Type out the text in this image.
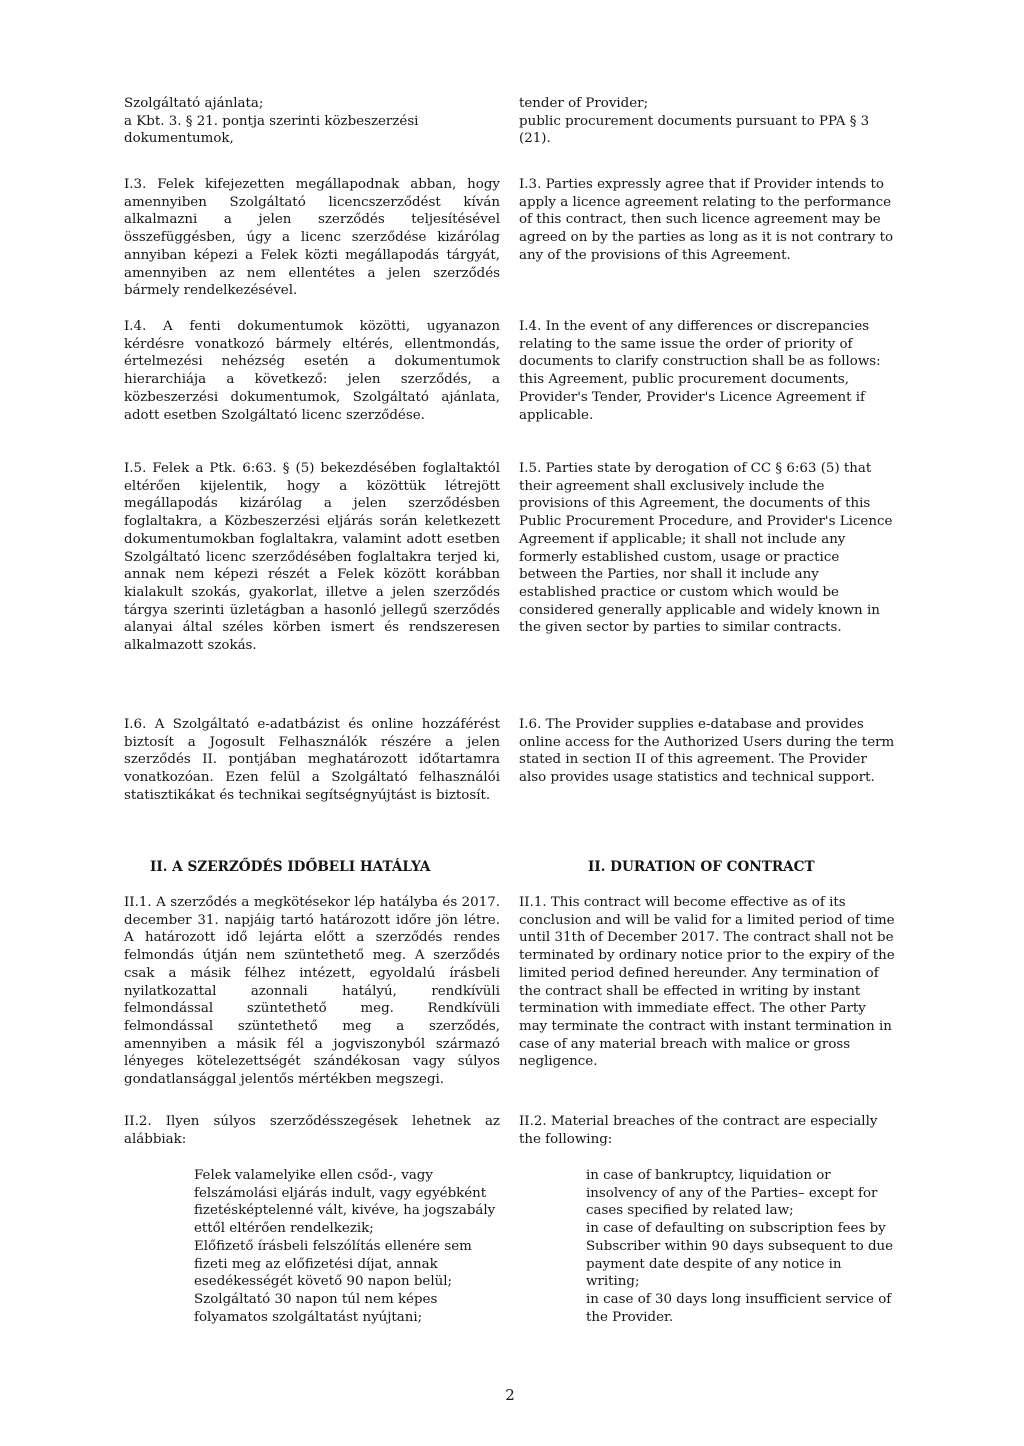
Szolgáltató ajánlata;
a Kbt. 3. § 21. pontja szerinti közbeszerzési dokumentumok,
I.3. Felek kifejezetten megállapodnak abban, hogy amennyiben Szolgáltató licencszerződést kíván alkalmazni a jelen szerződés teljesítésével összefüggésben, úgy a licenc szerződése kizárólag annyiban képezi a Felek közti megállapodás tárgyát, amennyiben az nem ellentétes a jelen szerződés bármely rendelkezésével.
I.4. A fenti dokumentumok közötti, ugyanazon kérdésre vonatkozó bármely eltérés, ellentmondás, értelmezési nehézség esetén a dokumentumok hierarchiája a következő: jelen szerződés, a közbeszerzési dokumentumok, Szolgáltató ajánlata, adott esetben Szolgáltató licenc szerződése.
I.5. Felek a Ptk. 6:63. § (5) bekezdésében foglaltaktól eltérően kijelentik, hogy a közöttük létrejött megállapodás kizárólag a jelen szerződésben foglaltakra, a Közbeszerzési eljárás során keletkezett dokumentumokban foglaltakra, valamint adott esetben Szolgáltató licenc szerződésében foglaltakra terjed ki, annak nem képezi részét a Felek között korábban kialakult szokás, gyakorlat, illetve a jelen szerződés tárgya szerinti üzletágban a hasonló jellegű szerződés alanyai által széles körben ismert és rendszeresen alkalmazott szokás.
I.6. A Szolgáltató e-adatbázist és online hozzáférést biztosít a Jogosult Felhasználók részére a jelen szerződés II. pontjában meghatározott időtartamra vonatkozóan. Ezen felül a Szolgáltató felhasználói statisztikákat és technikai segítségnyújtást is biztosít.
II. A SZERZŐDÉS IDŐBELI HATÁLYA
II.1. A szerződés a megkötésekor lép hatályba és 2017. december 31. napjáig tartó határozott időre jön létre. A határozott idő lejárta előtt a szerződés rendes felmondás útján nem szüntethető meg. A szerződés csak a másik félhez intézett, egyoldalú írásbeli nyilatkozattal azonnali hatályú, rendkívüli felmondással szüntethető meg. Rendkívüli felmondással szüntethető meg a szerződés, amennyiben a másik fél a jogviszonyból származó lényeges kötelezettségét szándékosan vagy súlyos gondatlansággal jelentős mértékben megszegi.
II.2. Ilyen súlyos szerződésszegések lehetnek az alábbiak:
Felek valamelyike ellen csőd-, vagy felszámolási eljárás indult, vagy egyébként fizetésképtelenné vált, kivéve, ha jogszabály ettől eltérően rendelkezik;
Előfizető írásbeli felszólítás ellenére sem fizeti meg az előfizetési díjat, annak esedékességét követő 90 napon belül;
Szolgáltató 30 napon túl nem képes folyamatos szolgáltatást nyújtani;
tender of Provider;
public procurement documents pursuant to PPA § 3 (21).
I.3. Parties expressly agree that if Provider intends to apply a licence agreement relating to the performance of this contract, then such licence agreement may be agreed on by the parties as long as it is not contrary to any of the provisions of this Agreement.
I.4. In the event of any differences or discrepancies relating to the same issue the order of priority of documents to clarify construction shall be as follows: this Agreement, public procurement documents, Provider's Tender, Provider's Licence Agreement if applicable.
I.5. Parties state by derogation of CC § 6:63 (5) that their agreement shall exclusively include the provisions of this Agreement, the documents of this Public Procurement Procedure, and Provider's Licence Agreement if applicable; it shall not include any formerly established custom, usage or practice between the Parties, nor shall it include any established practice or custom which would be considered generally applicable and widely known in the given sector by parties to similar contracts.
I.6. The Provider supplies e-database and provides online access for the Authorized Users during the term stated in section II of this agreement. The Provider also provides usage statistics and technical support.
II. DURATION OF CONTRACT
II.1. This contract will become effective as of its conclusion and will be valid for a limited period of time until 31th of December 2017. The contract shall not be terminated by ordinary notice prior to the expiry of the limited period defined hereunder. Any termination of the contract shall be effected in writing by instant termination with immediate effect. The other Party may terminate the contract with instant termination in case of any material breach with malice or gross negligence.
II.2. Material breaches of the contract are especially the following:
in case of bankruptcy, liquidation or insolvency of any of the Parties– except for cases specified by related law;
in case of defaulting on subscription fees by Subscriber within 90 days subsequent to due payment date despite of any notice in writing;
in case of 30 days long insufficient service of the Provider.
2
